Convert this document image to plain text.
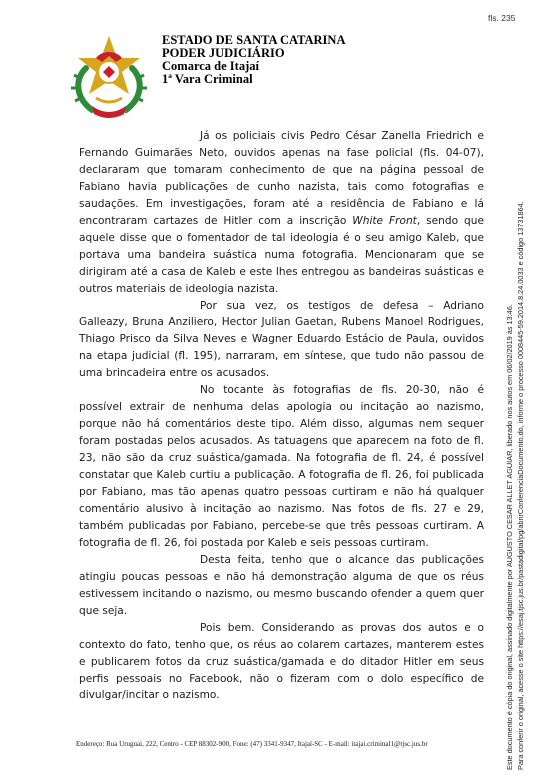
fls. 235
ESTADO DE SANTA CATARINA
PODER JUDICIÁRIO
Comarca de Itajaí
1ª Vara Criminal

Já os policiais civis Pedro César Zanella Friedrich e Fernando Guimarães Neto, ouvidos apenas na fase policial (fls. 04-07), declararam que tomaram conhecimento de que na página pessoal de Fabiano havia publicações de cunho nazista, tais como fotografias e saudações. Em investigações, foram até a residência de Fabiano e lá encontraram cartazes de Hitler com a inscrição White Front, sendo que aquele disse que o fomentador de tal ideologia é o seu amigo Kaleb, que portava uma bandeira suástica numa fotografia. Mencionaram que se dirigiram até a casa de Kaleb e este lhes entregou as bandeiras suásticas e outros materiais de ideologia nazista.

Por sua vez, os testigos de defesa – Adriano Galleazy, Bruna Anziliero, Hector Julian Gaetan, Rubens Manoel Rodrigues, Thiago Prisco da Silva Neves e Wagner Eduardo Estácio de Paula, ouvidos na etapa judicial (fl. 195), narraram, em síntese, que tudo não passou de uma brincadeira entre os acusados.

No tocante às fotografias de fls. 20-30, não é possível extrair de nenhuma delas apologia ou incitação ao nazismo, porque não há comentários deste tipo. Além disso, algumas nem sequer foram postadas pelos acusados. As tatuagens que aparecem na foto de fl. 23, não são da cruz suástica/gamada. Na fotografia de fl. 24, é possível constatar que Kaleb curtiu a publicação. A fotografia de fl. 26, foi publicada por Fabiano, mas tão apenas quatro pessoas curtiram e não há qualquer comentário alusivo à incitação ao nazismo. Nas fotos de fls. 27 e 29, também publicadas por Fabiano, percebe-se que três pessoas curtiram. A fotografia de fl. 26, foi postada por Kaleb e seis pessoas curtiram.

Desta feita, tenho que o alcance das publicações atingiu poucas pessoas e não há demonstração alguma de que os réus estivessem incitando o nazismo, ou mesmo buscando ofender a quem quer que seja.

Pois bem. Considerando as provas dos autos e o contexto do fato, tenho que, os réus ao colarem cartazes, manterem estes e publicarem fotos da cruz suástica/gamada e do ditador Hitler em seus perfis pessoais no Facebook, não o fizeram com o dolo específico de divulgar/incitar o nazismo.

Endereço: Rua Uruguai, 222, Centro - CEP 88302-900, Fone: (47) 3341-9347, Itajaí-SC - E-mail: itajai.criminal1@tjsc.jus.br	Este documento é cópia do original, assinado digitalmente por AUGUSTO CESAR ALLET AGUIAR, liberado nos autos em 06/02/2019 às 13:46. Para conferir o original, acesse o site https://esaj.tjsc.jus.br/pastadigital/pg/abrirConferenciaDocumento.do, informe o processo 0008445-59.2014.8.24.0033 e código 13731864.
